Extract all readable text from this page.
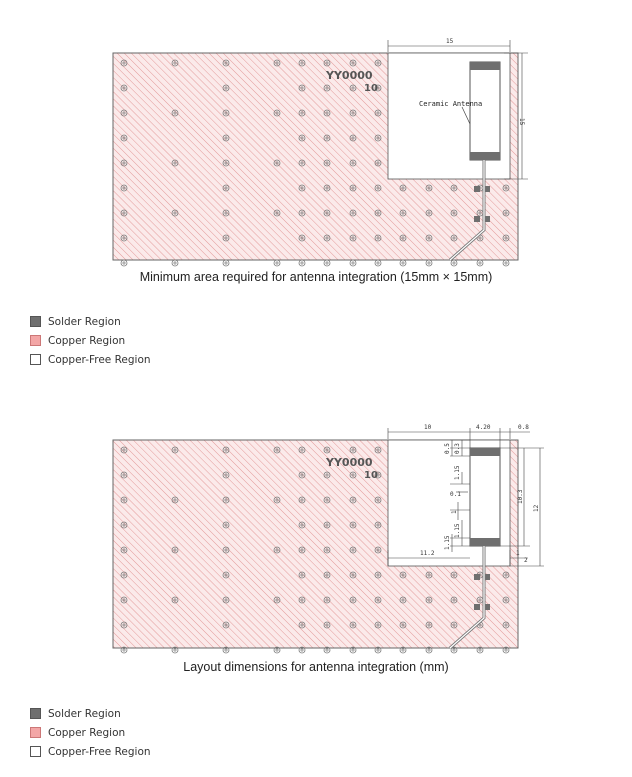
Ceramic Antenna
YY0000
10
15
15
Minimum area required for antenna integration (15mm × 15mm)
Solder Region
Copper Region
Copper-Free Region
YY0000
10
10	4.20	0.8
0.5 0.3
1.15
0.1
1
1.15
1.15
10.3
12
11.2	1
2
Layout dimensions for antenna integration (mm)
Solder Region
Copper Region
Copper-Free Region
